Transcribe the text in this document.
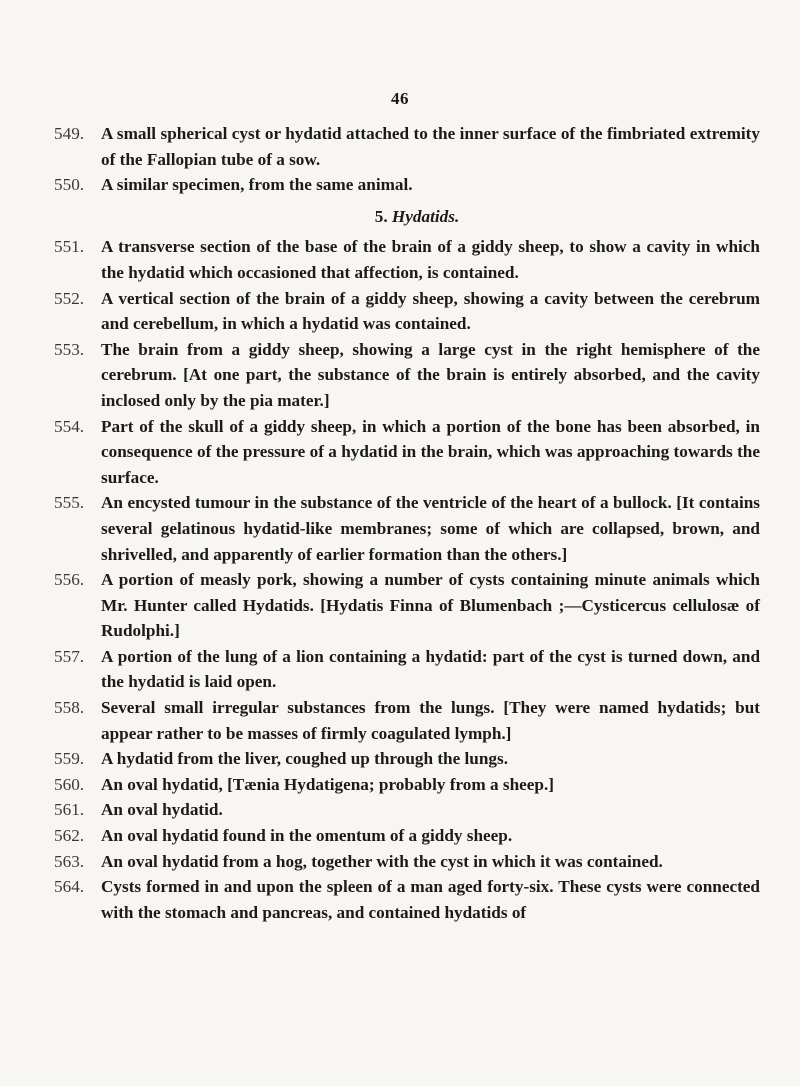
46
549. A small spherical cyst or hydatid attached to the inner surface of the fimbriated extremity of the Fallopian tube of a sow.
550. A similar specimen, from the same animal.
5. Hydatids.
551. A transverse section of the base of the brain of a giddy sheep, to show a cavity in which the hydatid which occasioned that affection, is contained.
552. A vertical section of the brain of a giddy sheep, showing a cavity between the cerebrum and cerebellum, in which a hydatid was contained.
553. The brain from a giddy sheep, showing a large cyst in the right hemisphere of the cerebrum. [At one part, the substance of the brain is entirely absorbed, and the cavity inclosed only by the pia mater.]
554. Part of the skull of a giddy sheep, in which a portion of the bone has been absorbed, in consequence of the pressure of a hydatid in the brain, which was approaching towards the surface.
555. An encysted tumour in the substance of the ventricle of the heart of a bullock. [It contains several gelatinous hydatid-like membranes; some of which are collapsed, brown, and shrivelled, and apparently of earlier formation than the others.]
556. A portion of measly pork, showing a number of cysts containing minute animals which Mr. Hunter called Hydatids. [Hydatis Finna of Blumenbach ;—Cysticercus cellulosæ of Rudolphi.]
557. A portion of the lung of a lion containing a hydatid: part of the cyst is turned down, and the hydatid is laid open.
558. Several small irregular substances from the lungs. [They were named hydatids; but appear rather to be masses of firmly coagulated lymph.]
559. A hydatid from the liver, coughed up through the lungs.
560. An oval hydatid, [Tænia Hydatigena; probably from a sheep.]
561. An oval hydatid.
562. An oval hydatid found in the omentum of a giddy sheep.
563. An oval hydatid from a hog, together with the cyst in which it was contained.
564. Cysts formed in and upon the spleen of a man aged forty-six. These cysts were connected with the stomach and pancreas, and contained hydatids of
